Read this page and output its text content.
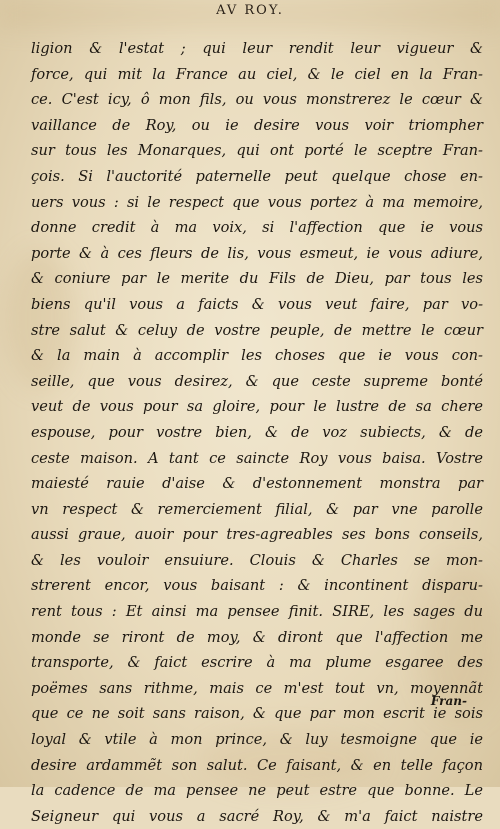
AV ROY.
ligion & l'estat ; qui leur rendit leur vigueur &
force, qui mit la France au ciel, & le ciel en la Fran-
ce. C'est icy, ô mon fils, ou vous monstrerez le cœur &
vaillance de Roy, ou ie desire vous voir triompher
sur tous les Monarques, qui ont porté le sceptre Fran-
çois. Si l'auctorité paternelle peut quelque chose en-
uers vous : si le respect que vous portez à ma memoire,
donne credit à ma voix, si l'affection que ie vous
porte & à ces fleurs de lis, vous esmeut, ie vous adiure,
& coniure par le merite du Fils de Dieu, par tous les
biens qu'il vous a faicts & vous veut faire, par vo-
stre salut & celuy de vostre peuple, de mettre le cœur
& la main à accomplir les choses que ie vous con-
seille, que vous desirez, & que ceste supreme bonté
veut de vous pour sa gloire, pour le lustre de sa chere
espouse, pour vostre bien, & de voz subiects, & de
ceste maison. A tant ce saincte Roy vous baisa. Vostre
maiesté rauie d'aise & d'estonnement monstra par
vn respect & remerciement filial, & par vne parolle
aussi graue, auoir pour tres-agreables ses bons conseils,
& les vouloir ensuiure. Clouis & Charles se mon-
strerent encor, vous baisant : & incontinent disparu-
rent tous : Et ainsi ma pensee finit. SIRE, les sages du
monde se riront de moy, & diront que l'affection me
transporte, & faict escrire à ma plume esgaree des
poëmes sans rithme, mais ce m'est tout vn, moyennãt
que ce ne soit sans raison, & que par mon escrit ie sois
loyal & vtile à mon prince, & luy tesmoigne que ie
desire ardammẽt son salut. Ce faisant, & en telle façon
la cadence de ma pensee ne peut estre que bonne. Le
Seigneur qui vous a sacré Roy, & m'a faict naistre
Fran-
